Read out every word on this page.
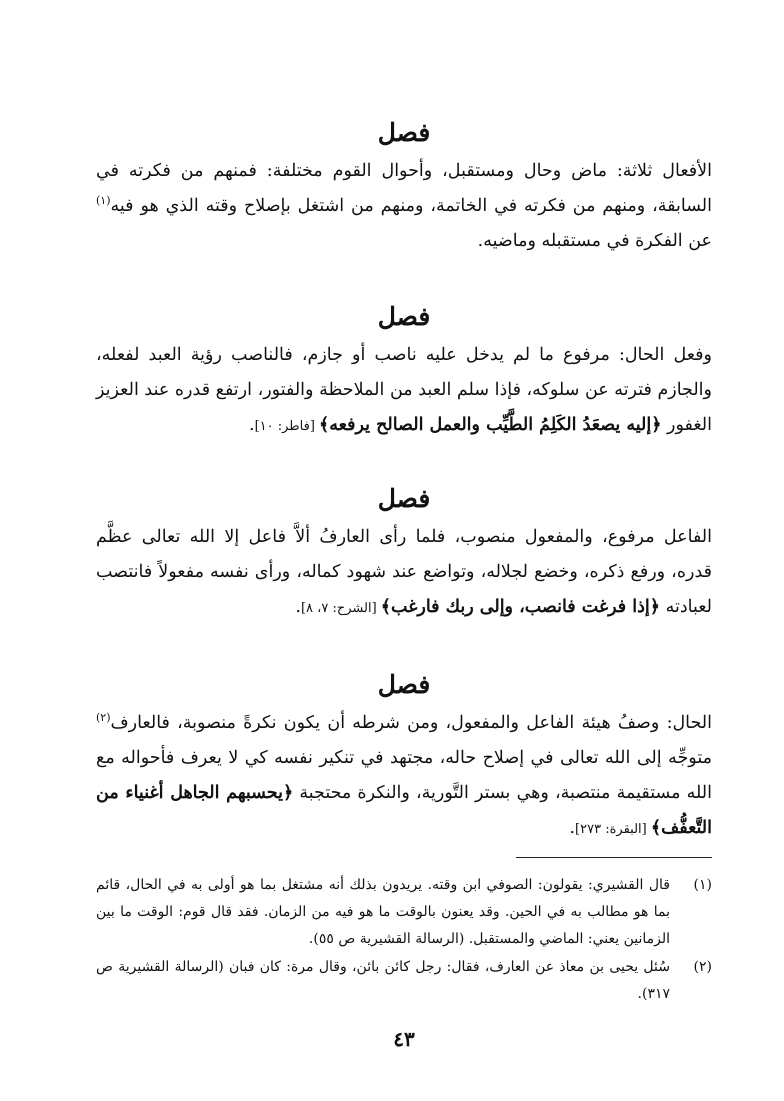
فصل

الأفعال ثلاثة: ماض وحال ومستقبل، وأحوال القوم مختلفة: فمنهم من فكرته في السابقة، ومنهم من فكرته في الخاتمة، ومنهم من اشتغل بإصلاح وقته الذي هو فيه$^{(١)}$ عن الفكرة في مستقبله وماضيه.

فصل

وفعل الحال: مرفوع ما لم يدخل عليه ناصب أو جازم، فالناصب رؤية العبد لفعله، والجازم فترته عن سلوكه، فإذا سلم العبد من الملاحظة والفتور، ارتفع قدره عند العزيز الغفور ﴿إليه يصعَدُ الكَلِمُ الطَّيِّب والعمل الصالح يرفعه﴾ [فاطر: ١٠].

فصل

الفاعل مرفوع، والمفعول منصوب، فلما رأى العارفُ ألاَّ فاعل إلا الله تعالى عظَّم قدره، ورفع ذكره، وخضع لجلاله، وتواضع عند شهود كماله، ورأى نفسه مفعولاً فانتصب لعبادته ﴿إذا فرغت فانصب، وإلى ربك فارغب﴾ [الشرح: ٧، ٨].

فصل

الحال: وصفُ هيئة الفاعل والمفعول، ومن شرطه أن يكون نكرةً منصوبة، فالعارف$^{(٢)}$ متوجِّه إلى الله تعالى في إصلاح حاله، مجتهد في تنكير نفسه كي لا يعرف فأحواله مع الله مستقيمة منتصبة، وهي بستر التَّورية، والنكرة محتجبة ﴿يحسبهم الجاهل أغنياء من التَّعفُّف﴾ [البقرة: ٢٧٣].

(١)
قال القشيري: يقولون: الصوفي ابن وقته. يريدون بذلك أنه مشتغل بما هو أولى به في الحال، قائم بما هو مطالب به في الحين. وقد يعنون بالوقت ما هو فيه من الزمان. فقد قال قوم: الوقت ما بين الزمانين يعني: الماضي والمستقبل. (الرسالة القشيرية ص ٥٥).
(٢)
سُئل يحيى بن معاذ عن العارف، فقال: رجل كائن بائن، وقال مرة: كان فبان (الرسالة القشيرية ص ٣١٧).
٤٣
